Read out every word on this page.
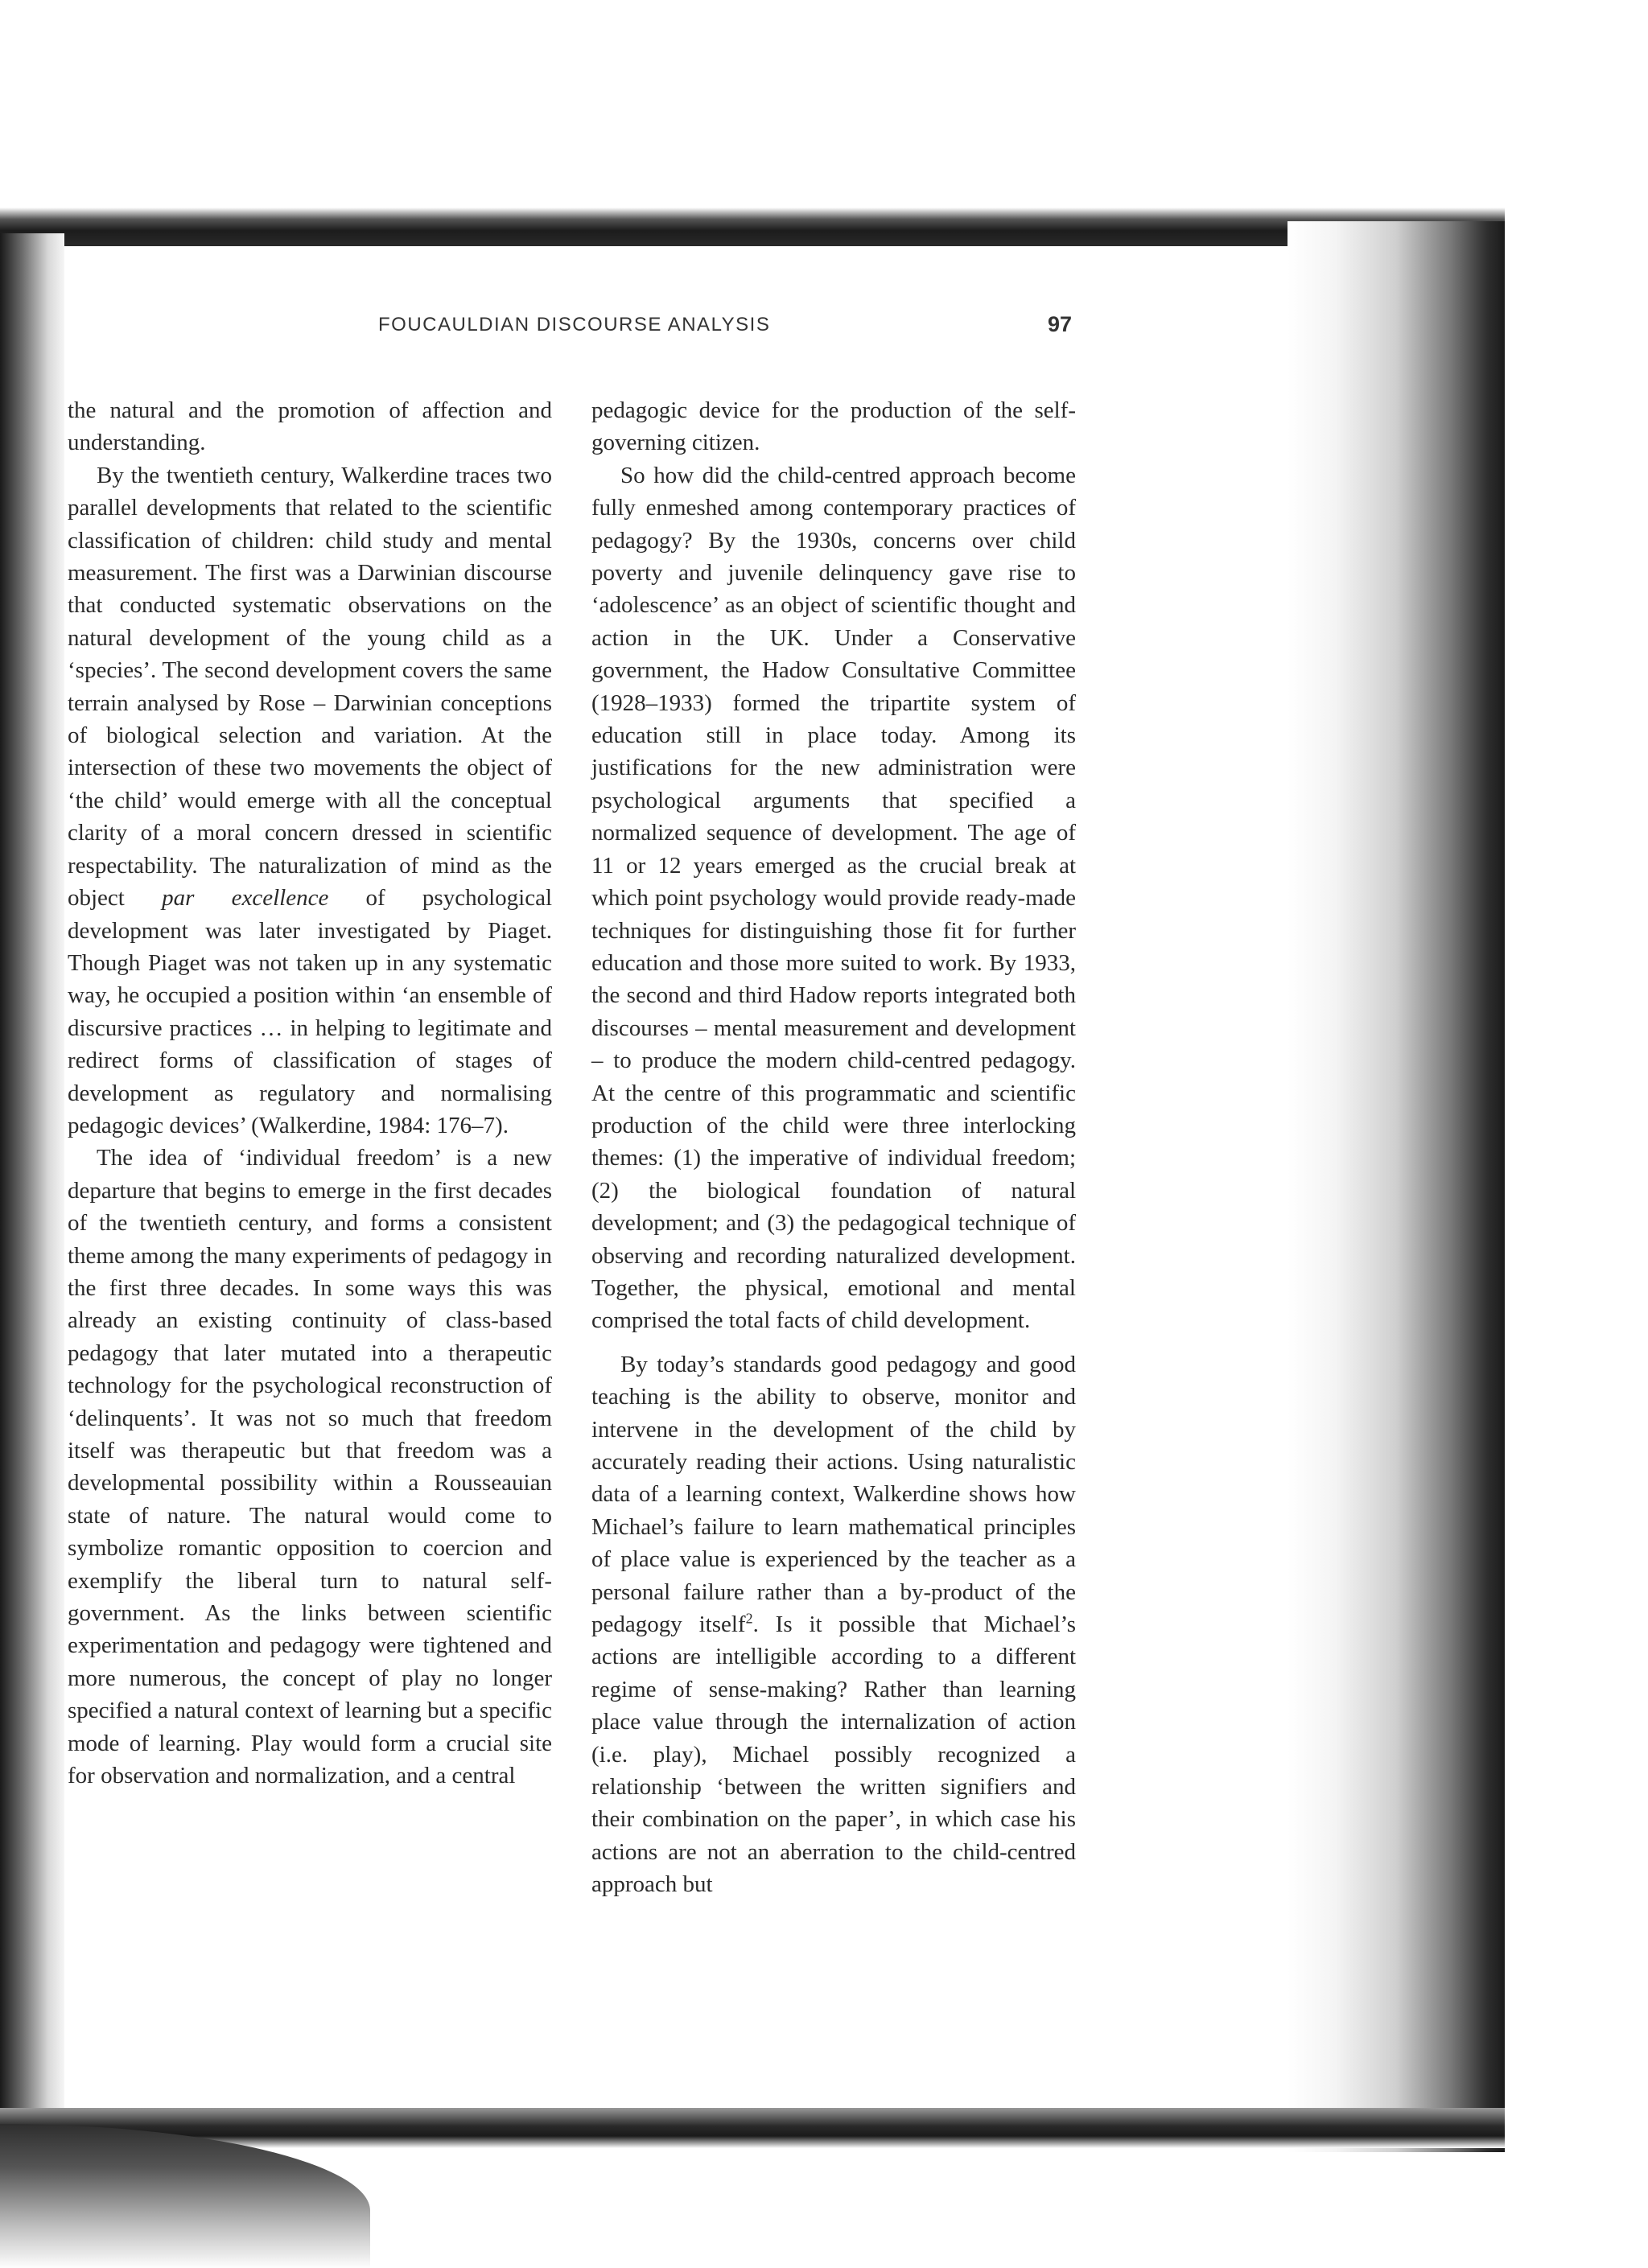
FOUCAULDIAN DISCOURSE ANALYSIS	97

the natural and the promotion of affection and understanding.

By the twentieth century, Walkerdine traces two parallel developments that related to the scientific classification of children: child study and mental measurement. The first was a Darwinian discourse that conducted systematic observations on the natural development of the young child as a ‘species’. The second development covers the same terrain analysed by Rose – Darwinian conceptions of biological selection and variation. At the intersection of these two movements the object of ‘the child’ would emerge with all the conceptual clarity of a moral concern dressed in scientific respectability. The naturalization of mind as the object par excellence of psychological development was later investigated by Piaget. Though Piaget was not taken up in any systematic way, he occupied a position within ‘an ensemble of discursive practices … in helping to legitimate and redirect forms of classification of stages of development as regulatory and normalising pedagogic devices’ (Walkerdine, 1984: 176–7).

The idea of ‘individual freedom’ is a new departure that begins to emerge in the first decades of the twentieth century, and forms a consistent theme among the many experiments of pedagogy in the first three decades. In some ways this was already an existing continuity of class-based pedagogy that later mutated into a therapeutic technology for the psychological reconstruction of ‘delinquents’. It was not so much that freedom itself was therapeutic but that freedom was a developmental possibility within a Rousseauian state of nature. The natural would come to symbolize romantic opposition to coercion and exemplify the liberal turn to natural self-government. As the links between scientific experimentation and pedagogy were tightened and more numerous, the concept of play no longer specified a natural context of learning but a specific mode of learning. Play would form a crucial site for observation and normalization, and a central

pedagogic device for the production of the self-governing citizen.

So how did the child-centred approach become fully enmeshed among contemporary practices of pedagogy? By the 1930s, concerns over child poverty and juvenile delinquency gave rise to ‘adolescence’ as an object of scientific thought and action in the UK. Under a Conservative government, the Hadow Consultative Committee (1928–1933) formed the tripartite system of education still in place today. Among its justifications for the new administration were psychological arguments that specified a normalized sequence of development. The age of 11 or 12 years emerged as the crucial break at which point psychology would provide ready-made techniques for distinguishing those fit for further education and those more suited to work. By 1933, the second and third Hadow reports integrated both discourses – mental measurement and development – to produce the modern child-centred pedagogy. At the centre of this programmatic and scientific production of the child were three interlocking themes: (1) the imperative of individual freedom; (2) the biological foundation of natural development; and (3) the pedagogical technique of observing and recording naturalized development. Together, the physical, emotional and mental comprised the total facts of child development.

By today’s standards good pedagogy and good teaching is the ability to observe, monitor and intervene in the development of the child by accurately reading their actions. Using naturalistic data of a learning context, Walkerdine shows how Michael’s failure to learn mathematical principles of place value is experienced by the teacher as a personal failure rather than a by-product of the pedagogy itself$^2$. Is it possible that Michael’s actions are intelligible according to a different regime of sense-making? Rather than learning place value through the internalization of action (i.e. play), Michael possibly recognized a relationship ‘between the written signifiers and their combination on the paper’, in which case his actions are not an aberration to the child-centred approach but
